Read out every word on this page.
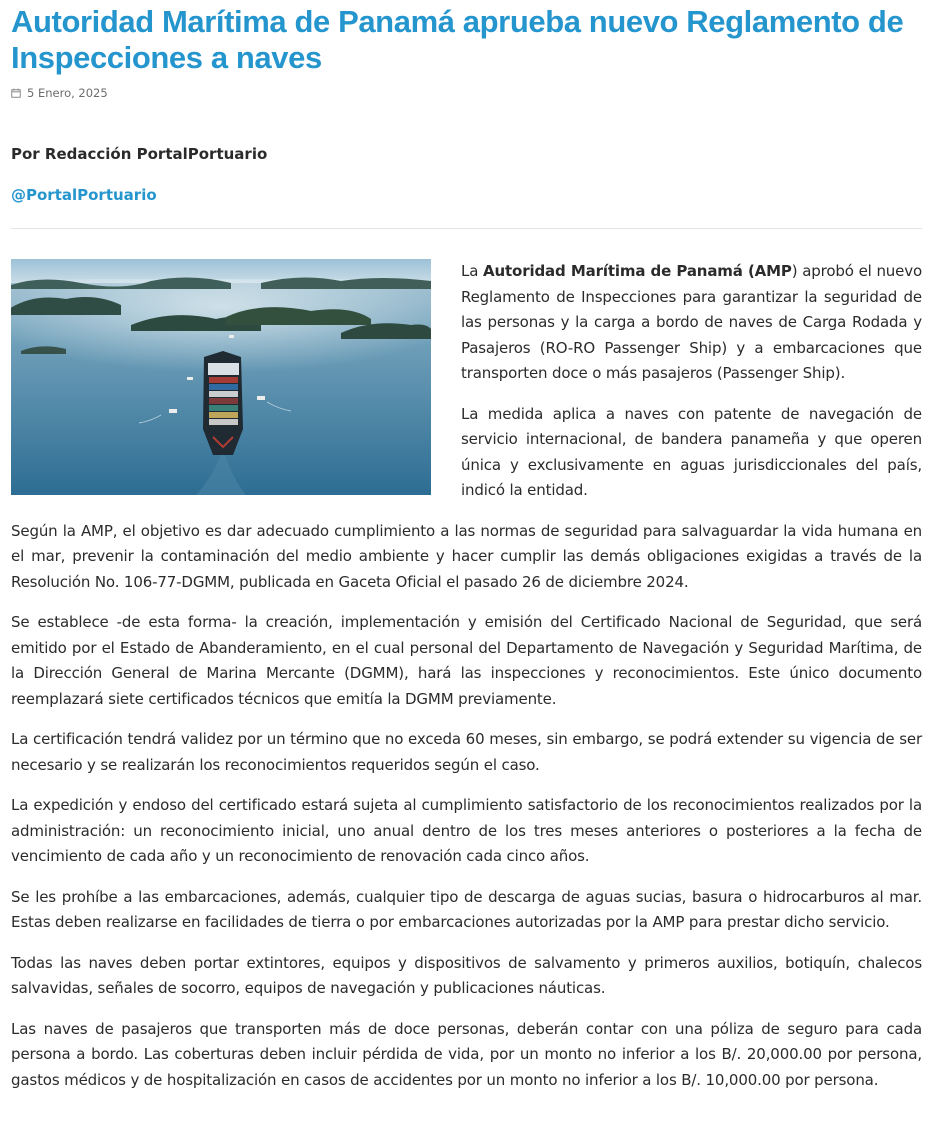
Autoridad Marítima de Panamá aprueba nuevo Reglamento de Inspecciones a naves
5 Enero, 2025
Por Redacción PortalPortuario
@PortalPortuario

La Autoridad Marítima de Panamá (AMP) aprobó el nuevo Reglamento de Inspecciones para garantizar la seguridad de las personas y la carga a bordo de naves de Carga Rodada y Pasajeros (RO-RO Passenger Ship) y a embarcaciones que transporten doce o más pasajeros (Passenger Ship).

La medida aplica a naves con patente de navegación de servicio internacional, de bandera panameña y que operen única y exclusivamente en aguas jurisdiccionales del país, indicó la entidad.

Según la AMP, el objetivo es dar adecuado cumplimiento a las normas de seguridad para salvaguardar la vida humana en el mar, prevenir la contaminación del medio ambiente y hacer cumplir las demás obligaciones exigidas a través de la Resolución No. 106-77-DGMM, publicada en Gaceta Oficial el pasado 26 de diciembre 2024.

Se establece -de esta forma- la creación, implementación y emisión del Certificado Nacional de Seguridad, que será emitido por el Estado de Abanderamiento, en el cual personal del Departamento de Navegación y Seguridad Marítima, de la Dirección General de Marina Mercante (DGMM), hará las inspecciones y reconocimientos. Este único documento reemplazará siete certificados técnicos que emitía la DGMM previamente.

La certificación tendrá validez por un término que no exceda 60 meses, sin embargo, se podrá extender su vigencia de ser necesario y se realizarán los reconocimientos requeridos según el caso.

La expedición y endoso del certificado estará sujeta al cumplimiento satisfactorio de los reconocimientos realizados por la administración: un reconocimiento inicial, uno anual dentro de los tres meses anteriores o posteriores a la fecha de vencimiento de cada año y un reconocimiento de renovación cada cinco años.

Se les prohíbe a las embarcaciones, además, cualquier tipo de descarga de aguas sucias, basura o hidrocarburos al mar. Estas deben realizarse en facilidades de tierra o por embarcaciones autorizadas por la AMP para prestar dicho servicio.

Todas las naves deben portar extintores, equipos y dispositivos de salvamento y primeros auxilios, botiquín, chalecos salvavidas, señales de socorro, equipos de navegación y publicaciones náuticas.

Las naves de pasajeros que transporten más de doce personas, deberán contar con una póliza de seguro para cada persona a bordo. Las coberturas deben incluir pérdida de vida, por un monto no inferior a los B/. 20,000.00 por persona, gastos médicos y de hospitalización en casos de accidentes por un monto no inferior a los B/. 10,000.00 por persona.
